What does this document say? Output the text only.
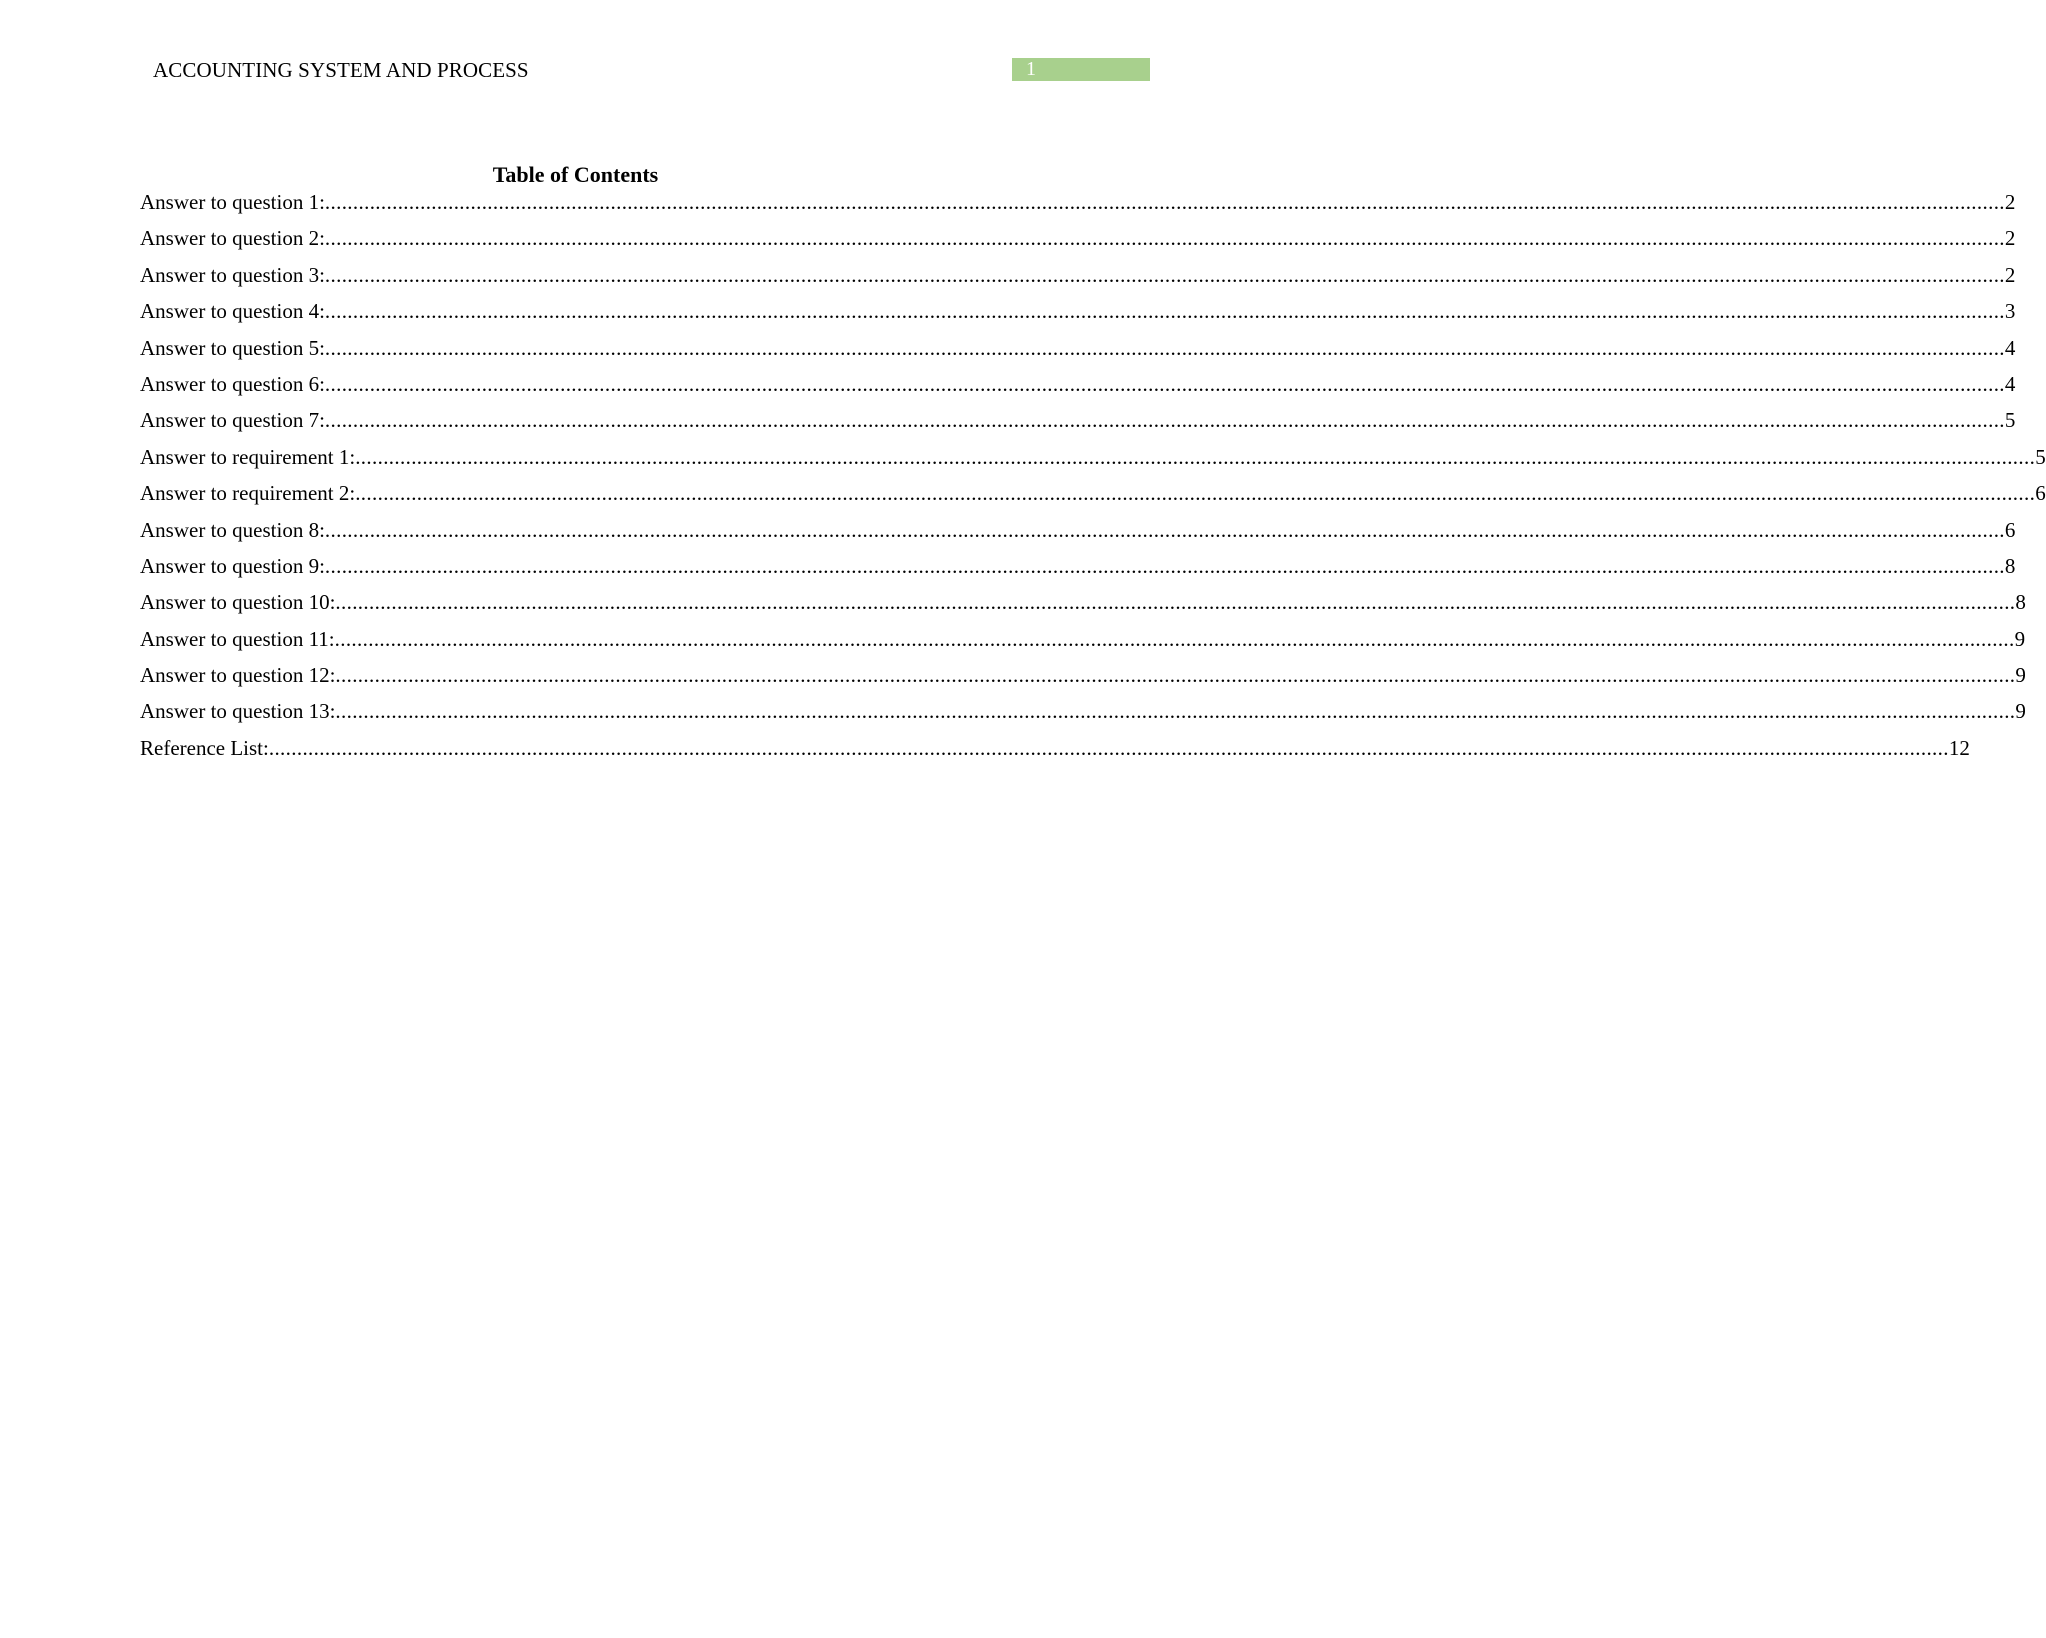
ACCOUNTING SYSTEM AND PROCESS	1
Table of Contents
Answer to question 1: ............................................................................................................................................................................................................................................................................................................ 2
Answer to question 2: ............................................................................................................................................................................................................................................................................................................ 2
Answer to question 3: ............................................................................................................................................................................................................................................................................................................ 2
Answer to question 4: ............................................................................................................................................................................................................................................................................................................ 3
Answer to question 5: ............................................................................................................................................................................................................................................................................................................ 4
Answer to question 6: ............................................................................................................................................................................................................................................................................................................ 4
Answer to question 7: ............................................................................................................................................................................................................................................................................................................ 5
Answer to requirement 1: ............................................................................................................................................................................................................................................................................................................ 5
Answer to requirement 2: ............................................................................................................................................................................................................................................................................................................ 6
Answer to question 8: ............................................................................................................................................................................................................................................................................................................ 6
Answer to question 9: ............................................................................................................................................................................................................................................................................................................ 8
Answer to question 10: ............................................................................................................................................................................................................................................................................................................ 8
Answer to question 11: ............................................................................................................................................................................................................................................................................................................ 9
Answer to question 12: ............................................................................................................................................................................................................................................................................................................ 9
Answer to question 13: ............................................................................................................................................................................................................................................................................................................ 9
Reference List: ............................................................................................................................................................................................................................................................................................................ 12
